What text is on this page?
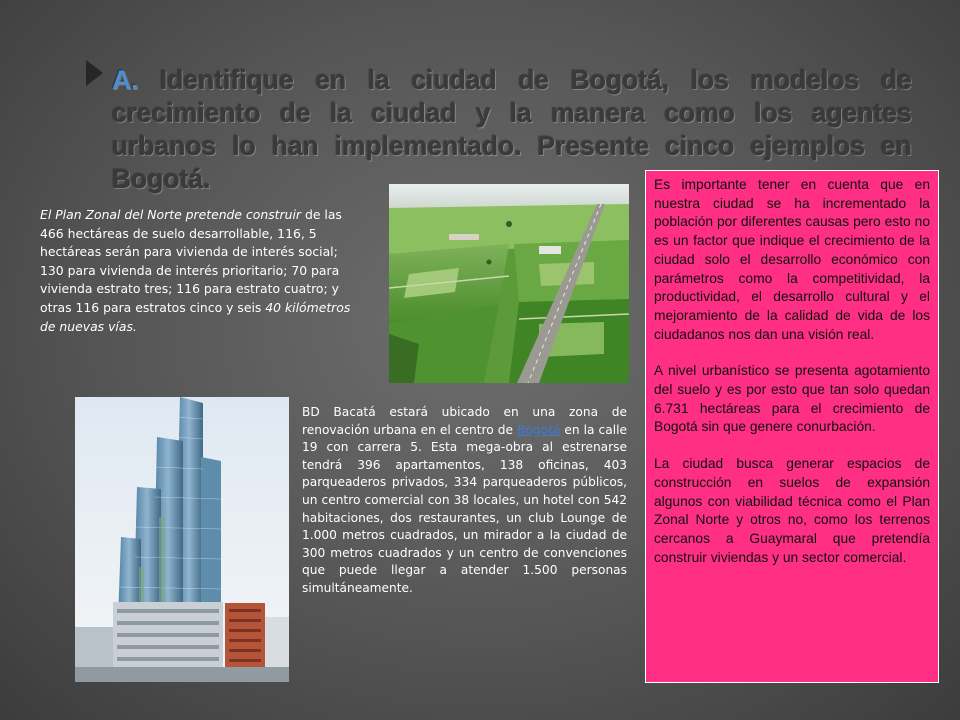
A. Identifique en la ciudad de Bogotá, los modelos de crecimiento de la ciudad y la manera como los agentes urbanos lo han implementado. Presente cinco ejemplos en Bogotá.

El Plan Zonal del Norte pretende construir de las 466 hectáreas de suelo desarrollable, 116, 5 hectáreas serán para vivienda de interés social; 130 para vivienda de interés prioritario; 70 para vivienda estrato tres; 116 para estrato cuatro; y otras 116 para estratos cinco y seis 40 kilómetros de nuevas vías.

BD Bacatá estará ubicado en una zona de renovación urbana en el centro de Bogotá en la calle 19 con carrera 5. Esta mega-obra al estrenarse tendrá 396 apartamentos, 138 oficinas, 403 parqueaderos privados, 334 parqueaderos públicos, un centro comercial con 38 locales, un hotel con 542 habitaciones, dos restaurantes, un club Lounge de 1.000 metros cuadrados, un mirador a la ciudad de 300 metros cuadrados y un centro de convenciones que puede llegar a atender 1.500 personas simultáneamente.

Es importante tener en cuenta que en nuestra ciudad se ha incrementado la población por diferentes causas pero esto no es un factor que indique el crecimiento de la ciudad solo el desarrollo económico con parámetros como la competitividad, la productividad, el desarrollo cultural y el mejoramiento de la calidad de vida de los ciudadanos nos dan una visión real.

A nivel urbanístico se presenta agotamiento del suelo y es por esto que tan solo quedan 6.731 hectáreas para el crecimiento de Bogotá sin que genere conurbación.

La ciudad busca generar espacios de construcción en suelos de expansión algunos con viabilidad técnica como el Plan Zonal Norte y otros no, como los terrenos cercanos a Guaymaral que pretendía construir viviendas y un sector comercial.
